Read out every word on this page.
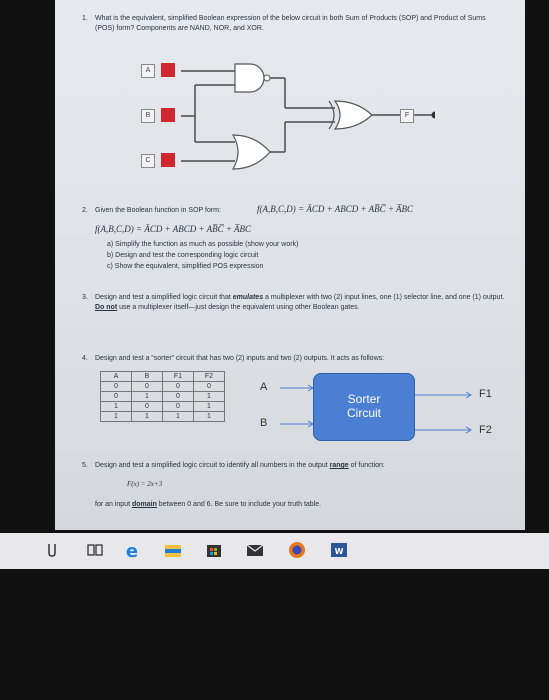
1. What is the equivalent, simplified Boolean expression of the below circuit in both Sum of Products (SOP) and Product of Sums (POS) form? Components are NAND, NOR, and XOR.
A
B
C
F
2. Given the Boolean function in SOP form:	f(A,B,C,D) = ĀCD + ABCD + AB̅C̅ + A̅BC
f(A,B,C,D) = ĀCD + ABCD + AB̅C̅ + A̅BC
a) Simplify the function as much as possible (show your work)
b) Design and test the corresponding logic circuit
c) Show the equivalent, simplified POS expression
3. Design and test a simplified logic circuit that emulates a multiplexer with two (2) input lines, one (1) selector line, and one (1) output. Do not use a multiplexer itself—just design the equivalent using other Boolean gates.
4. Design and test a “sorter” circuit that has two (2) inputs and two (2) outputs. It acts as follows:
A	B	F1	F2
0	0	0	0
0	1	0	1
1	0	0	1
1	1	1	1
A
B
F1
F2
Sorter
Circuit
5. Design and test a simplified logic circuit to identify all numbers in the output range of function:
F(x) = 2x+3
for an input domain between 0 and 6. Be sure to include your truth table.
e	W
